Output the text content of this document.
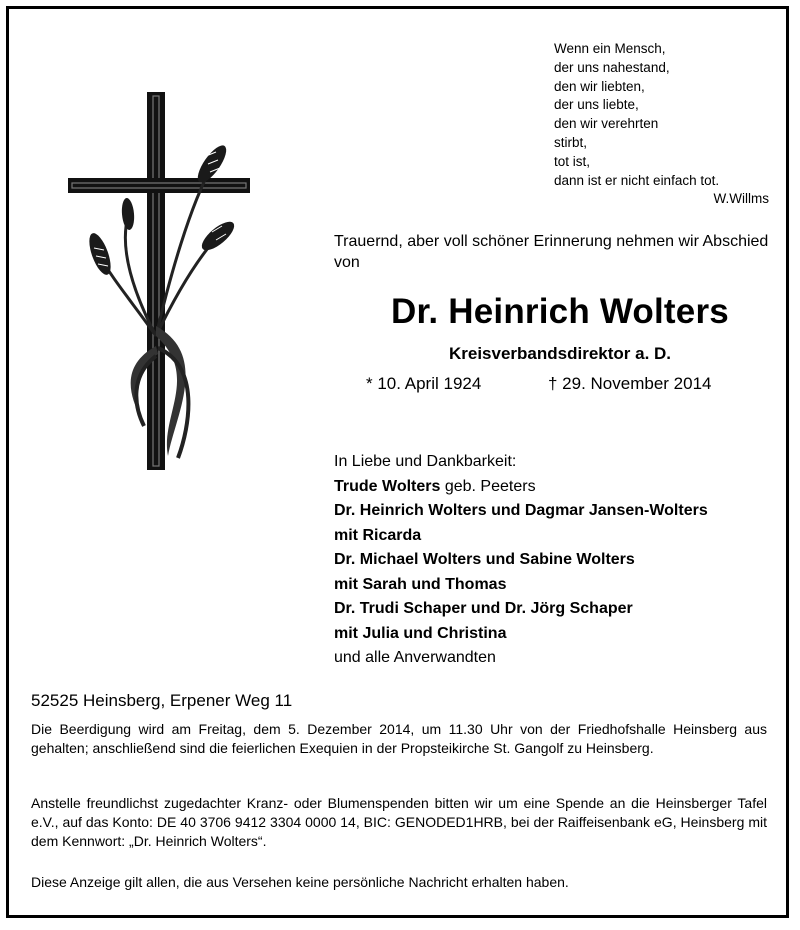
Wenn ein Mensch,
der uns nahestand,
den wir liebten,
der uns liebte,
den wir verehrten
stirbt,
tot ist,
dann ist er nicht einfach tot.
W.Willms
Trauernd, aber voll schöner Erinnerung nehmen wir Abschied von
Dr. Heinrich Wolters
Kreisverbandsdirektor a. D.
* 10. April 1924	† 29. November 2014
In Liebe und Dankbarkeit:
Trude Wolters geb. Peeters
Dr. Heinrich Wolters und Dagmar Jansen-Wolters
mit Ricarda
Dr. Michael Wolters und Sabine Wolters
mit Sarah und Thomas
Dr. Trudi Schaper und Dr. Jörg Schaper
mit Julia und Christina
und alle Anverwandten
52525 Heinsberg, Erpener Weg 11
Die Beerdigung wird am Freitag, dem 5. Dezember 2014, um 11.30 Uhr von der Friedhofshalle Heinsberg aus gehalten; anschließend sind die feierlichen Exequien in der Propsteikirche St. Gangolf zu Heinsberg.
Anstelle freundlichst zugedachter Kranz- oder Blumenspenden bitten wir um eine Spende an die Heinsberger Tafel e.V., auf das Konto: DE 40 3706 9412 3304 0000 14, BIC: GENODED1HRB, bei der Raiffeisenbank eG, Heinsberg mit dem Kennwort: „Dr. Heinrich Wolters“.
Diese Anzeige gilt allen, die aus Versehen keine persönliche Nachricht erhalten haben.
